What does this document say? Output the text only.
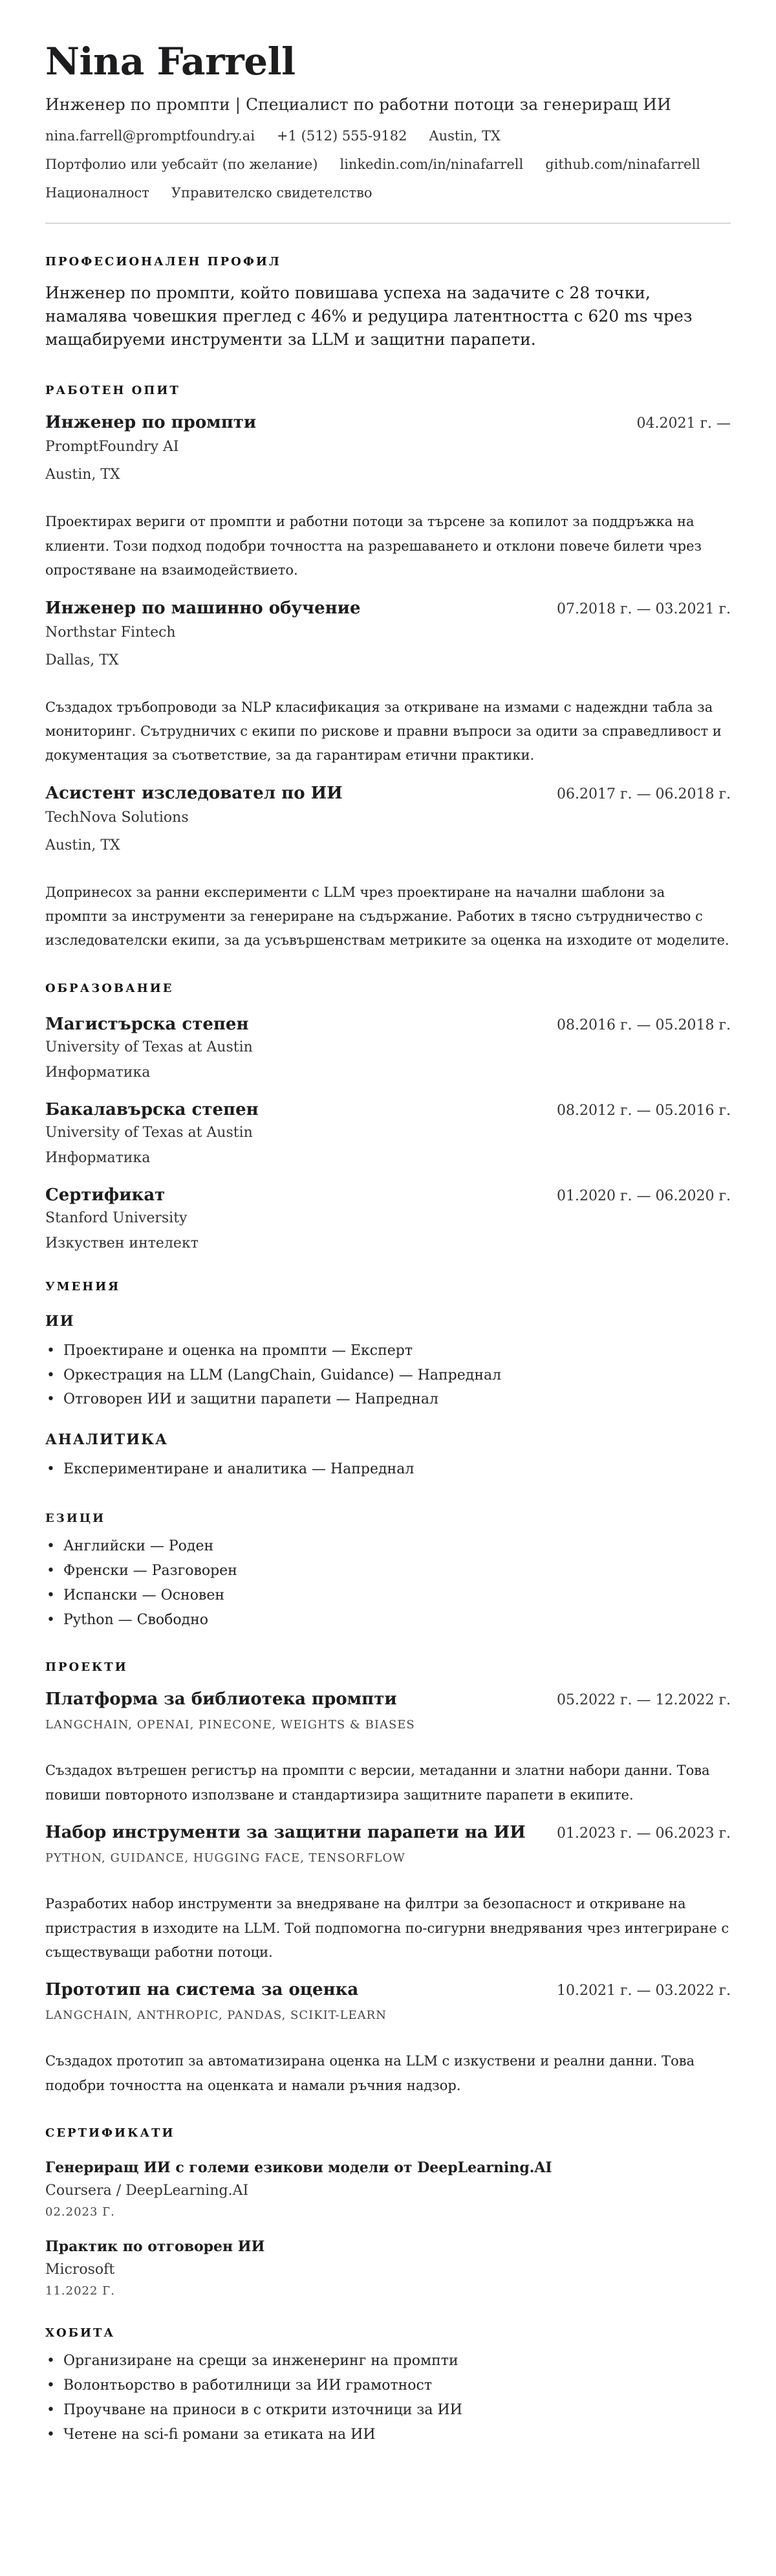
Nina Farrell
Инженер по промпти | Специалист по работни потоци за генериращ ИИ
nina.farrell@promptfoundry.ai +1 (512) 555-9182 Austin, TX
Портфолио или уебсайт (по желание) linkedin.com/in/ninafarrell github.com/ninafarrell
Националност Управителско свидетелство
ПРОФЕСИОНАЛЕН ПРОФИЛ

Инженер по промпти, който повишава успеха на задачите с 28 точки, намалява човешкия преглед с 46% и редуцира латентността с 620 ms чрез мащабируеми инструменти за LLM и защитни парапети.

РАБОТЕН ОПИТ
Инженер по промпти	04.2021 г. —
PromptFoundry AI
Austin, TX

Проектирах вериги от промпти и работни потоци за търсене за копилот за поддръжка на клиенти. Този подход подобри точността на разрешаването и отклони повече билети чрез опростяване на взаимодействието.

Инженер по машинно обучение	07.2018 г. — 03.2021 г.
Northstar Fintech
Dallas, TX

Създадох тръбопроводи за NLP класификация за откриване на измами с надеждни табла за мониторинг. Сътрудничих с екипи по рискове и правни въпроси за одити за справедливост и документация за съответствие, за да гарантирам етични практики.

Асистент изследовател по ИИ	06.2017 г. — 06.2018 г.
TechNova Solutions
Austin, TX

Допринесох за ранни експерименти с LLM чрез проектиране на начални шаблони за промпти за инструменти за генериране на съдържание. Работих в тясно сътрудничество с изследователски екипи, за да усъвършенствам метриките за оценка на изходите от моделите.

ОБРАЗОВАНИЕ
Магистърска степен	08.2016 г. — 05.2018 г.
University of Texas at Austin
Информатика
Бакалавърска степен	08.2012 г. — 05.2016 г.
University of Texas at Austin
Информатика
Сертификат	01.2020 г. — 06.2020 г.
Stanford University
Изкуствен интелект
УМЕНИЯ
ИИ
• Проектиране и оценка на промпти — Експерт
• Оркестрация на LLM (LangChain, Guidance) — Напреднал
• Отговорен ИИ и защитни парапети — Напреднал
АНАЛИТИКА
• Експериментиране и аналитика — Напреднал
ЕЗИЦИ
• Английски — Роден
• Френски — Разговорен
• Испански — Основен
• Python — Свободно
ПРОЕКТИ
Платформа за библиотека промпти	05.2022 г. — 12.2022 г.
LANGCHAIN, OPENAI, PINECONE, WEIGHTS & BIASES

Създадох вътрешен регистър на промпти с версии, метаданни и златни набори данни. Това повиши повторното използване и стандартизира защитните парапети в екипите.

Набор инструменти за защитни парапети на ИИ 01.2023 г. — 06.2023 г.
PYTHON, GUIDANCE, HUGGING FACE, TENSORFLOW

Разработих набор инструменти за внедряване на филтри за безопасност и откриване на пристрастия в изходите на LLM. Той подпомогна по-сигурни внедрявания чрез интегриране с съществуващи работни потоци.

Прототип на система за оценка	10.2021 г. — 03.2022 г.
LANGCHAIN, ANTHROPIC, PANDAS, SCIKIT-LEARN

Създадох прототип за автоматизирана оценка на LLM с изкуствени и реални данни. Това подобри точността на оценката и намали ръчния надзор.

СЕРТИФИКАТИ
Генериращ ИИ с големи езикови модели от DeepLearning.AI
Coursera / DeepLearning.AI
02.2023 Г.
Практик по отговорен ИИ
Microsoft
11.2022 Г.
ХОБИТА
• Организиране на срещи за инженеринг на промпти
• Волонтьорство в работилници за ИИ грамотност
• Проучване на приноси в с открити източници за ИИ
• Четене на sci-fi романи за етиката на ИИ
